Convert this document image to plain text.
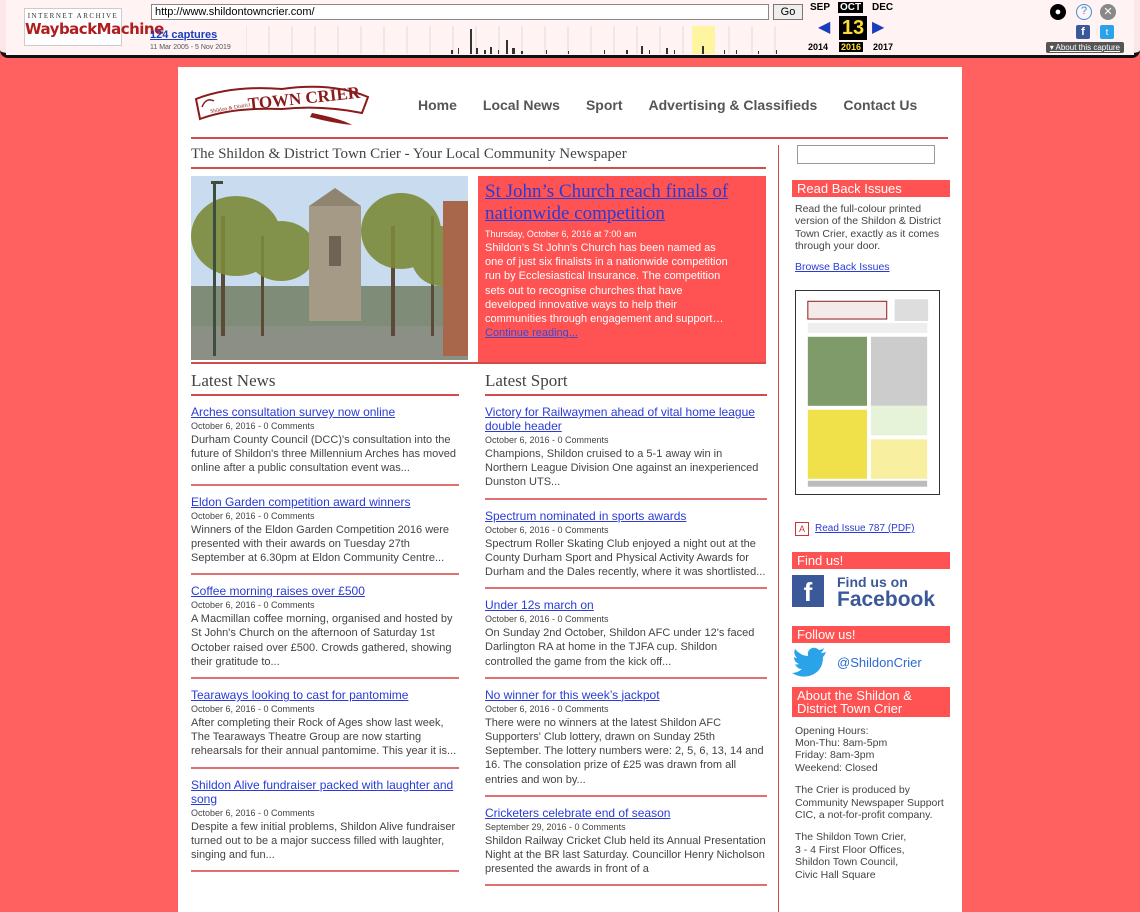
INTERNET ARCHIVE
WaybackMachine
http://www.shildontowncrier.com/	Go
124 captures
11 Mar 2005 - 5 Nov 2019
SEP OCT DEC
◀ 13 ▶
2014 2016 2017
●	?	✕
f	t
▾ About this capture
TOWN CRIER
Shildon & District	Home Local News Sport Advertising & Classifieds Contact Us
The Shildon & District Town Crier - Your Local Community Newspaper
St John’s Church reach finals of nationwide competition
Thursday, October 6, 2016 at 7:00 am
Shildon’s St John’s Church has been named as one of just six finalists in a nationwide competition run by Ecclesiastical Insurance. The competition sets out to recognise churches that have developed innovative ways to help their communities through engagement and support…
Continue reading...
Latest News
Arches consultation survey now online
October 6, 2016 - 0 Comments
Durham County Council (DCC)'s consultation into the future of Shildon's three Millennium Arches has moved online after a public consultation event was...
Eldon Garden competition award winners
October 6, 2016 - 0 Comments
Winners of the Eldon Garden Competition 2016 were presented with their awards on Tuesday 27th September at 6.30pm at Eldon Community Centre...
Coffee morning raises over £500
October 6, 2016 - 0 Comments
A Macmillan coffee morning, organised and hosted by St John's Church on the afternoon of Saturday 1st October raised over £500. Crowds gathered, showing their gratitude to...
Tearaways looking to cast for pantomime
October 6, 2016 - 0 Comments
After completing their Rock of Ages show last week, The Tearaways Theatre Group are now starting rehearsals for their annual pantomime. This year it is...
Shildon Alive fundraiser packed with laughter and song
October 6, 2016 - 0 Comments
Despite a few initial problems, Shildon Alive fundraiser turned out to be a major success filled with laughter, singing and fun...
Latest Sport
Victory for Railwaymen ahead of vital home league double header
October 6, 2016 - 0 Comments
Champions, Shildon cruised to a 5-1 away win in Northern League Division One against an inexperienced Dunston UTS...
Spectrum nominated in sports awards
October 6, 2016 - 0 Comments
Spectrum Roller Skating Club enjoyed a night out at the County Durham Sport and Physical Activity Awards for Durham and the Dales recently, where it was shortlisted...
Under 12s march on
October 6, 2016 - 0 Comments
On Sunday 2nd October, Shildon AFC under 12's faced Darlington RA at home in the TJFA cup. Shildon controlled the game from the kick off...
No winner for this week’s jackpot
October 6, 2016 - 0 Comments
There were no winners at the latest Shildon AFC Supporters' Club lottery, drawn on Sunday 25th September. The lottery numbers were: 2, 5, 6, 13, 14 and 16. The consolation prize of £25 was drawn from all entries and won by...
Cricketers celebrate end of season
September 29, 2016 - 0 Comments
Shildon Railway Cricket Club held its Annual Presentation Night at the BR last Saturday. Councillor Henry Nicholson presented the awards in front of a
Read Back Issues
Read the full-colour printed version of the Shildon & District Town Crier, exactly as it comes through your door.
Browse Back Issues
A	Read Issue 787 (PDF)
Find us!
f	Find us on
Facebook
Follow us!
@ShildonCrier
About the Shildon & District Town Crier
Opening Hours:
Mon-Thu: 8am-5pm
Friday: 8am-3pm
Weekend: Closed
The Crier is produced by Community Newspaper Support CIC, a not-for-profit company.
The Shildon Town Crier,
3 - 4 First Floor Offices,
Shildon Town Council,
Civic Hall Square
